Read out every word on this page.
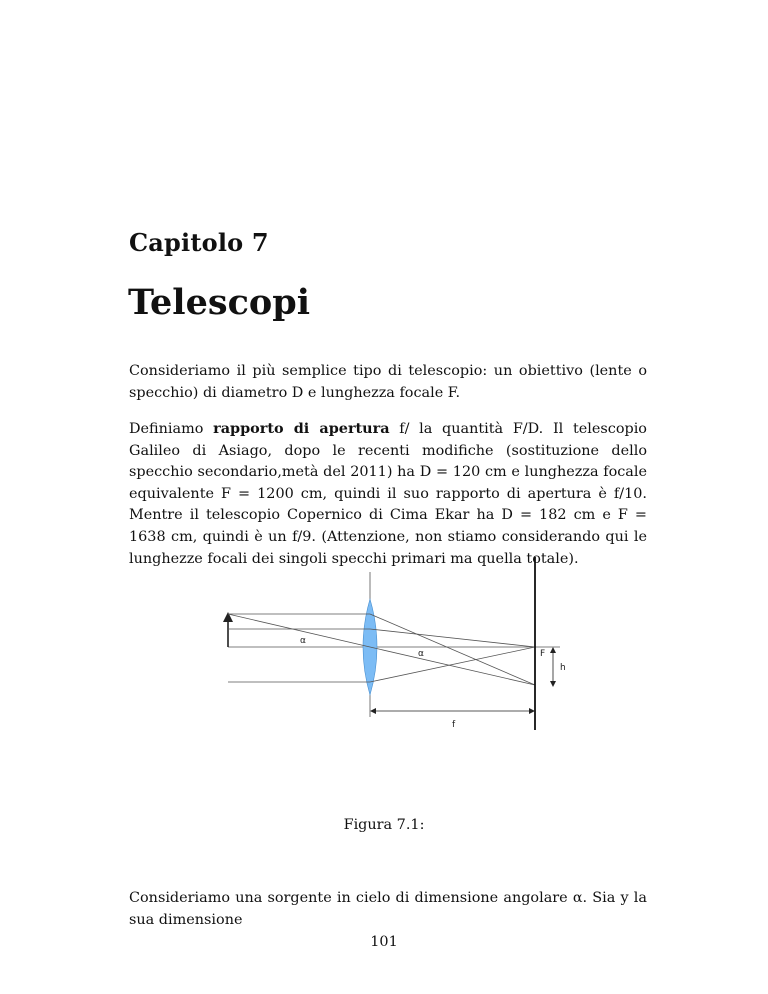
Capitolo 7
Telescopi

Consideriamo il più semplice tipo di telescopio: un obiettivo (lente o specchio) di diametro D e lunghezza focale F.

Definiamo rapporto di apertura f/ la quantità F/D. Il telescopio Galileo di Asiago, dopo le recenti modifiche (sostituzione dello specchio secondario,metà del 2011) ha D = 120 cm e lunghezza focale equivalente F = 1200 cm, quindi il suo rapporto di apertura è f/10. Mentre il telescopio Copernico di Cima Ekar ha D = 182 cm e F = 1638 cm, quindi è un f/9. (Attenzione, non stiamo considerando qui le lunghezze focali dei singoli specchi primari ma quella totale).

α
α	F
h
f
Figura 7.1:

Consideriamo una sorgente in cielo di dimensione angolare α. Sia y la sua dimensione

101
